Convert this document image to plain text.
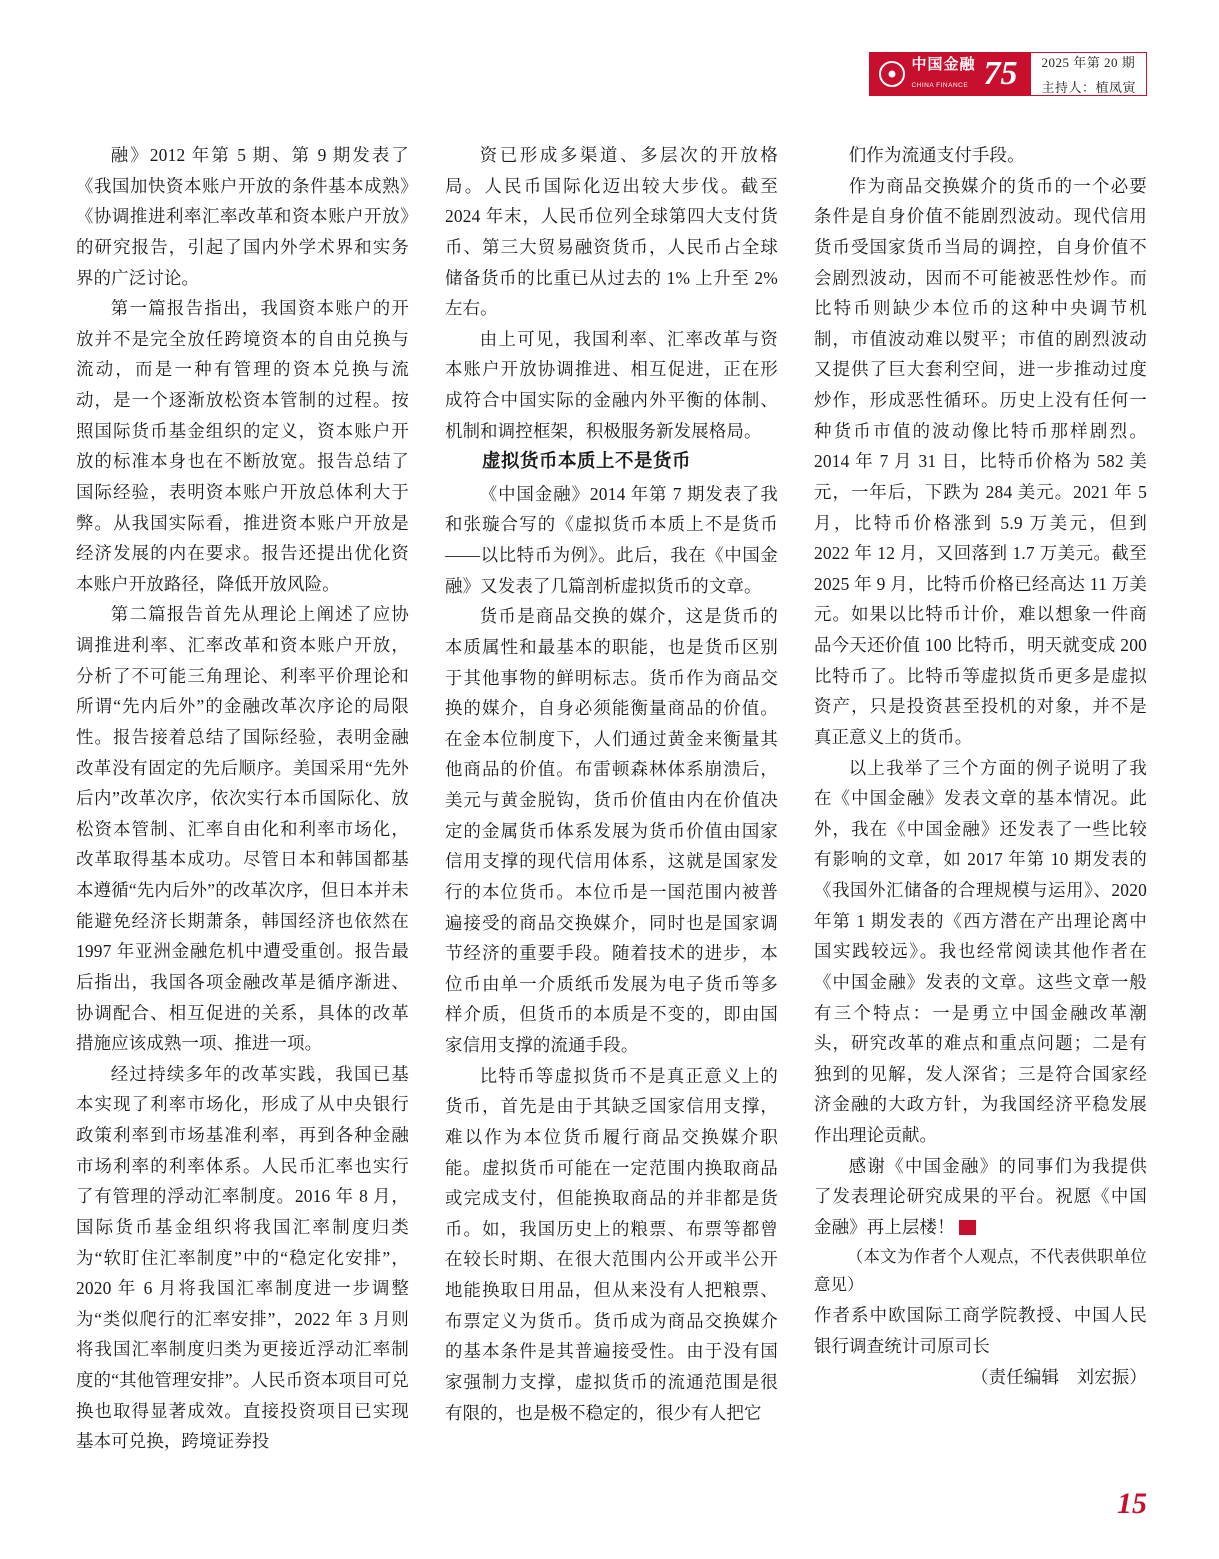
中国金融
CHINA FINANCE 75 2025 年第 20 期
主持人：植凤寅

融》2012 年第 5 期、第 9 期发表了《我国加快资本账户开放的条件基本成熟》《协调推进利率汇率改革和资本账户开放》的研究报告，引起了国内外学术界和实务界的广泛讨论。

第一篇报告指出，我国资本账户的开放并不是完全放任跨境资本的自由兑换与流动，而是一种有管理的资本兑换与流动，是一个逐渐放松资本管制的过程。按照国际货币基金组织的定义，资本账户开放的标准本身也在不断放宽。报告总结了国际经验，表明资本账户开放总体利大于弊。从我国实际看，推进资本账户开放是经济发展的内在要求。报告还提出优化资本账户开放路径，降低开放风险。

第二篇报告首先从理论上阐述了应协调推进利率、汇率改革和资本账户开放，分析了不可能三角理论、利率平价理论和所谓“先内后外”的金融改革次序论的局限性。报告接着总结了国际经验，表明金融改革没有固定的先后顺序。美国采用“先外后内”改革次序，依次实行本币国际化、放松资本管制、汇率自由化和利率市场化，改革取得基本成功。尽管日本和韩国都基本遵循“先内后外”的改革次序，但日本并未能避免经济长期萧条，韩国经济也依然在 1997 年亚洲金融危机中遭受重创。报告最后指出，我国各项金融改革是循序渐进、协调配合、相互促进的关系，具体的改革措施应该成熟一项、推进一项。

经过持续多年的改革实践，我国已基本实现了利率市场化，形成了从中央银行政策利率到市场基准利率，再到各种金融市场利率的利率体系。人民币汇率也实行了有管理的浮动汇率制度。2016 年 8 月，国际货币基金组织将我国汇率制度归类为“软盯住汇率制度”中的“稳定化安排”，2020 年 6 月将我国汇率制度进一步调整为“类似爬行的汇率安排”，2022 年 3 月则将我国汇率制度归类为更接近浮动汇率制度的“其他管理安排”。人民币资本项目可兑换也取得显著成效。直接投资项目已实现基本可兑换，跨境证券投

资已形成多渠道、多层次的开放格局。人民币国际化迈出较大步伐。截至 2024 年末，人民币位列全球第四大支付货币、第三大贸易融资货币，人民币占全球储备货币的比重已从过去的 1% 上升至 2% 左右。

由上可见，我国利率、汇率改革与资本账户开放协调推进、相互促进，正在形成符合中国实际的金融内外平衡的体制、机制和调控框架，积极服务新发展格局。

虚拟货币本质上不是货币

《中国金融》2014 年第 7 期发表了我和张璇合写的《虚拟货币本质上不是货币——以比特币为例》。此后，我在《中国金融》又发表了几篇剖析虚拟货币的文章。

货币是商品交换的媒介，这是货币的本质属性和最基本的职能，也是货币区别于其他事物的鲜明标志。货币作为商品交换的媒介，自身必须能衡量商品的价值。在金本位制度下，人们通过黄金来衡量其他商品的价值。布雷顿森林体系崩溃后，美元与黄金脱钩，货币价值由内在价值决定的金属货币体系发展为货币价值由国家信用支撑的现代信用体系，这就是国家发行的本位货币。本位币是一国范围内被普遍接受的商品交换媒介，同时也是国家调节经济的重要手段。随着技术的进步，本位币由单一介质纸币发展为电子货币等多样介质，但货币的本质是不变的，即由国家信用支撑的流通手段。

比特币等虚拟货币不是真正意义上的货币，首先是由于其缺乏国家信用支撑，难以作为本位货币履行商品交换媒介职能。虚拟货币可能在一定范围内换取商品或完成支付，但能换取商品的并非都是货币。如，我国历史上的粮票、布票等都曾在较长时期、在很大范围内公开或半公开地能换取日用品，但从来没有人把粮票、布票定义为货币。货币成为商品交换媒介的基本条件是其普遍接受性。由于没有国家强制力支撑，虚拟货币的流通范围是很有限的，也是极不稳定的，很少有人把它

们作为流通支付手段。

作为商品交换媒介的货币的一个必要条件是自身价值不能剧烈波动。现代信用货币受国家货币当局的调控，自身价值不会剧烈波动，因而不可能被恶性炒作。而比特币则缺少本位币的这种中央调节机制，市值波动难以熨平；市值的剧烈波动又提供了巨大套利空间，进一步推动过度炒作，形成恶性循环。历史上没有任何一种货币市值的波动像比特币那样剧烈。2014 年 7 月 31 日，比特币价格为 582 美元，一年后，下跌为 284 美元。2021 年 5 月，比特币价格涨到 5.9 万美元，但到 2022 年 12 月，又回落到 1.7 万美元。截至 2025 年 9 月，比特币价格已经高达 11 万美元。如果以比特币计价，难以想象一件商品今天还价值 100 比特币，明天就变成 200 比特币了。比特币等虚拟货币更多是虚拟资产，只是投资甚至投机的对象，并不是真正意义上的货币。

以上我举了三个方面的例子说明了我在《中国金融》发表文章的基本情况。此外，我在《中国金融》还发表了一些比较有影响的文章，如 2017 年第 10 期发表的《我国外汇储备的合理规模与运用》、2020 年第 1 期发表的《西方潜在产出理论离中国实践较远》。我也经常阅读其他作者在《中国金融》发表的文章。这些文章一般有三个特点：一是勇立中国金融改革潮头，研究改革的难点和重点问题；二是有独到的见解，发人深省；三是符合国家经济金融的大政方针，为我国经济平稳发展作出理论贡献。

感谢《中国金融》的同事们为我提供了发表理论研究成果的平台。祝愿《中国金融》再上层楼！

（本文为作者个人观点，不代表供职单位意见）

作者系中欧国际工商学院教授、中国人民银行调查统计司原司长

（责任编辑　刘宏振）

15
